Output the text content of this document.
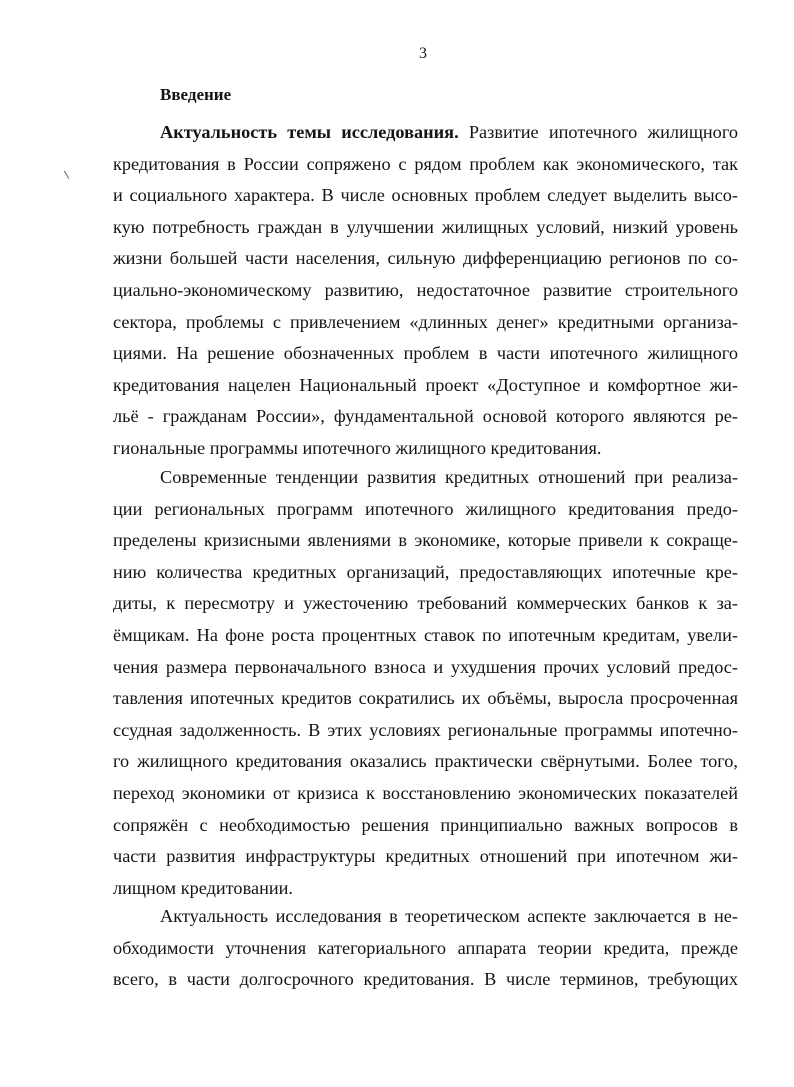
3
Введение
Актуальность темы исследования. Развитие ипотечного жилищного
кредитования в России сопряжено с рядом проблем как экономического, так
и социального характера. В числе основных проблем следует выделить высо-
кую потребность граждан в улучшении жилищных условий, низкий уровень
жизни большей части населения, сильную дифференциацию регионов по со-
циально-экономическому развитию, недостаточное развитие строительного
сектора, проблемы с привлечением «длинных денег» кредитными организа-
циями. На решение обозначенных проблем в части ипотечного жилищного
кредитования нацелен Национальный проект «Доступное и комфортное жи-
льё - гражданам России», фундаментальной основой которого являются ре-
гиональные программы ипотечного жилищного кредитования.
Современные тенденции развития кредитных отношений при реализа-
ции региональных программ ипотечного жилищного кредитования предо-
пределены кризисными явлениями в экономике, которые привели к сокраще-
нию количества кредитных организаций, предоставляющих ипотечные кре-
диты, к пересмотру и ужесточению требований коммерческих банков к за-
ёмщикам. На фоне роста процентных ставок по ипотечным кредитам, увели-
чения размера первоначального взноса и ухудшения прочих условий предос-
тавления ипотечных кредитов сократились их объёмы, выросла просроченная
ссудная задолженность. В этих условиях региональные программы ипотечно-
го жилищного кредитования оказались практически свёрнутыми. Более того,
переход экономики от кризиса к восстановлению экономических показателей
сопряжён с необходимостью решения принципиально важных вопросов в
части развития инфраструктуры кредитных отношений при ипотечном жи-
лищном кредитовании.
Актуальность исследования в теоретическом аспекте заключается в не-
обходимости уточнения категориального аппарата теории кредита, прежде
всего, в части долгосрочного кредитования. В числе терминов, требующих
